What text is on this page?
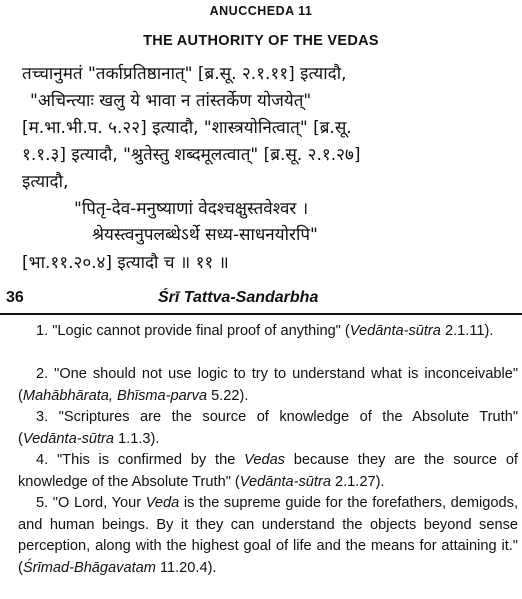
ANUCCHEDA 11
THE AUTHORITY OF THE VEDAS
तच्चानुमतं "तर्काप्रतिष्ठानात्" [ब्र.सू. २.१.११] इत्यादौ,
"अचिन्त्याः खलु ये भावा न तांस्तर्केण योजयेत्"
[म.भा.भी.प. ५.२२] इत्यादौ, "शास्त्रयोनित्वात्" [ब्र.सू.
१.१.३] इत्यादौ, "श्रुतेस्तु शब्दमूलत्वात्" [ब्र.सू. २.१.२७]
इत्यादौ,
"पितृ-देव-मनुष्याणां वेदश्चक्षुस्तवेश्वर ।
श्रेयस्त्वनुपलब्धेऽर्थे सध्य-साधनयोरपि"
[भा.११.२०.४] इत्यादौ च ॥ ११ ॥
36	Śrī Tattva-Sandarbha

1. "Logic cannot provide final proof of anything" (Vedānta-sūtra 2.1.11).

2. "One should not use logic to try to understand what is inconceivable" (Mahābhārata, Bhīsma-parva 5.22).

3. "Scriptures are the source of knowledge of the Absolute Truth" (Vedānta-sūtra 1.1.3).

4. "This is confirmed by the Vedas because they are the source of knowledge of the Absolute Truth" (Vedānta-sūtra 2.1.27).

5. "O Lord, Your Veda is the supreme guide for the forefathers, demigods, and human beings. By it they can understand the objects beyond sense perception, along with the highest goal of life and the means for attaining it." (Śrīmad-Bhāgavatam 11.20.4).
